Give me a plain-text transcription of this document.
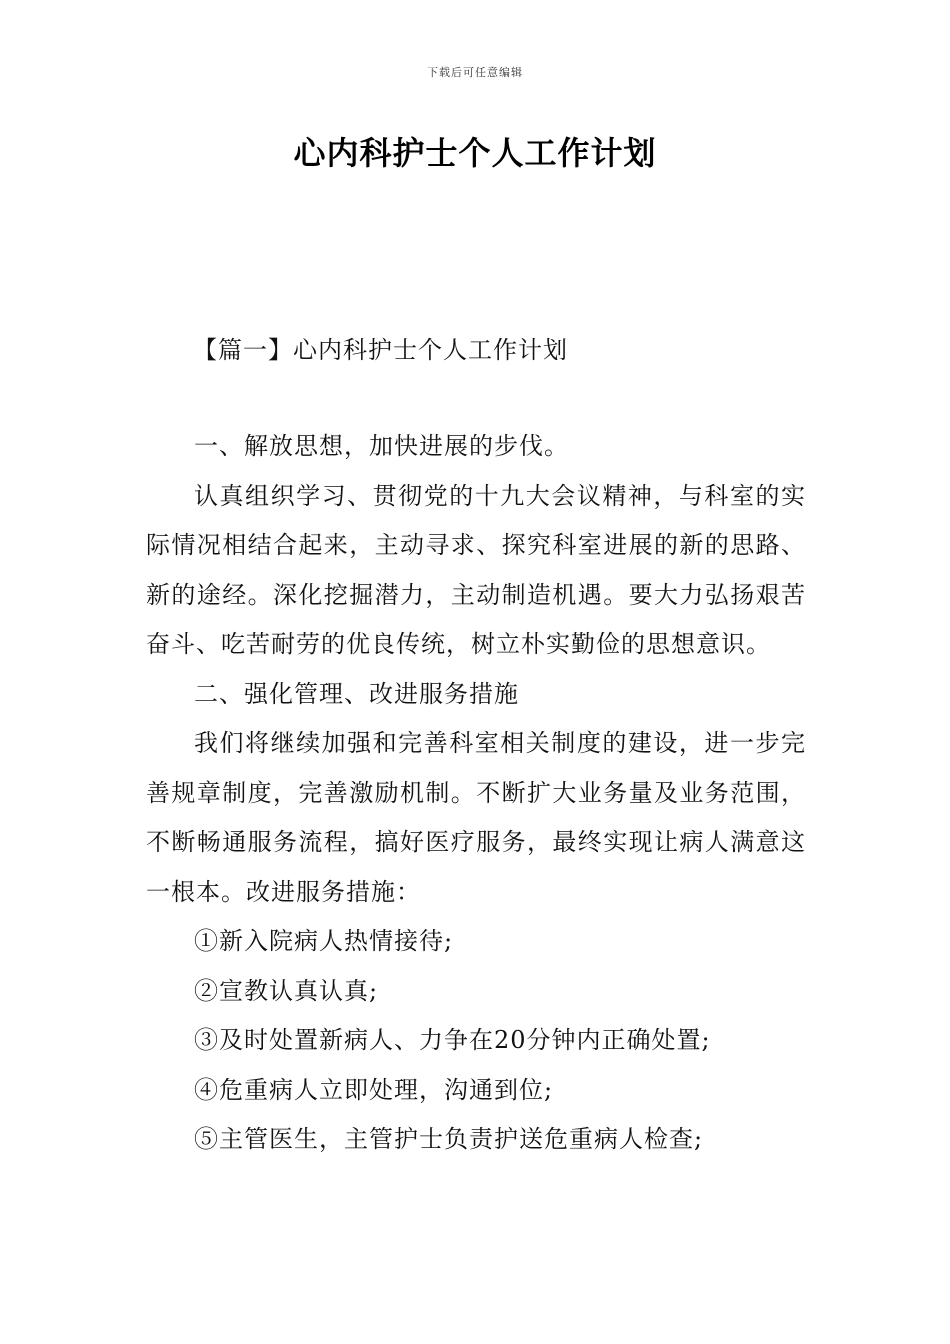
下载后可任意编辑
心内科护士个人工作计划
【篇一】心内科护士个人工作计划

一、解放思想，加快进展的步伐。

认真组织学习、贯彻党的十九大会议精神，与科室的实际情况相结合起来，主动寻求、探究科室进展的新的思路、新的途经。深化挖掘潜力，主动制造机遇。要大力弘扬艰苦奋斗、吃苦耐劳的优良传统，树立朴实勤俭的思想意识。

二、强化管理、改进服务措施

我们将继续加强和完善科室相关制度的建设，进一步完善规章制度，完善激励机制。不断扩大业务量及业务范围，不断畅通服务流程，搞好医疗服务，最终实现让病人满意这一根本。改进服务措施：

①新入院病人热情接待;

②宣教认真认真;

③及时处置新病人、力争在20分钟内正确处置;

④危重病人立即处理，沟通到位;

⑤主管医生，主管护士负责护送危重病人检查;
